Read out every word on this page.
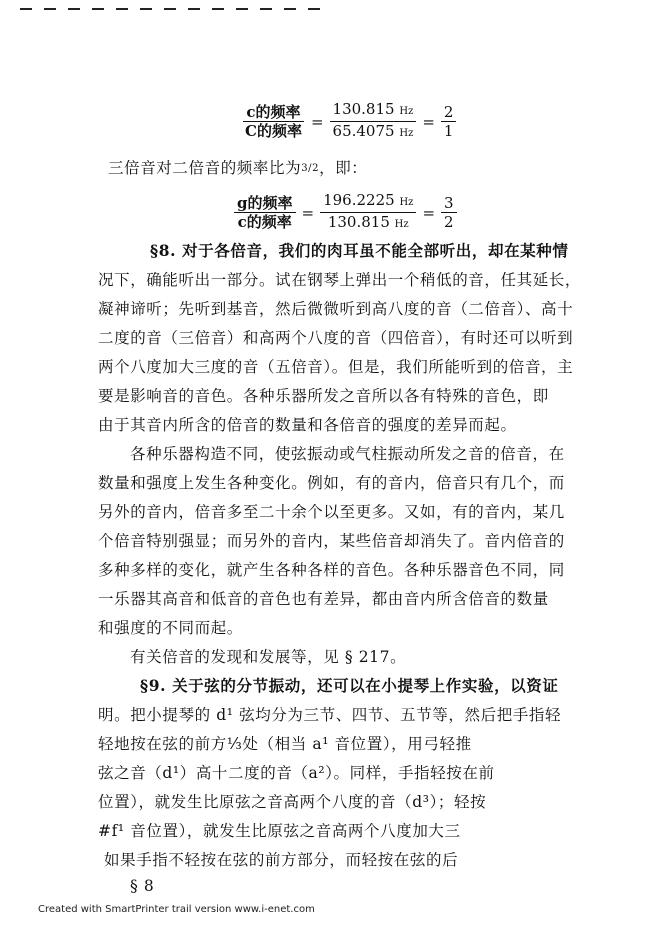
$\frac{\text{c的频率}}{\text{C的频率}} = \frac{130.815 Hz}{65.4075 Hz} = \frac{2}{1}$
三倍音对二倍音的频率比为3/2，即：
$\frac{\text{g的频率}}{\text{c的频率}} = \frac{196.2225 Hz}{130.815 Hz} = \frac{3}{2}$
§8. 对于各倍音，我们的肉耳虽不能全部听出，却在某种情
况下，确能听出一部分。试在钢琴上弹出一个稍低的音，任其延长，
凝神谛听；先听到基音，然后微微听到高八度的音（二倍音）、高十
二度的音（三倍音）和高两个八度的音（四倍音），有时还可以听到
两个八度加大三度的音（五倍音）。但是，我们所能听到的倍音，主
要是影响音的音色。各种乐器所发之音所以各有特殊的音色，即
由于其音内所含的倍音的数量和各倍音的强度的差异而起。
各种乐器构造不同，使弦振动或气柱振动所发之音的倍音，在
数量和强度上发生各种变化。例如，有的音内，倍音只有几个，而
另外的音内，倍音多至二十余个以至更多。又如，有的音内，某几
个倍音特别强显；而另外的音内，某些倍音却消失了。音内倍音的
多种多样的变化，就产生各种各样的音色。各种乐器音色不同，同
一乐器其高音和低音的音色也有差异，都由音内所含倍音的数量
和强度的不同而起。
有关倍音的发现和发展等，见 § 217。
§9. 关于弦的分节振动，还可以在小提琴上作实验，以资证
明。把小提琴的 d¹ 弦均分为三节、四节、五节等，然后把手指轻
轻地按在弦的前方⅓处（相当 a¹ 音位置），用弓轻推
弦之音（d¹）高十二度的音（a²）。同样，手指轻按在前
位置），就发生比原弦之音高两个八度的音（d³）；轻按
#f¹ 音位置），就发生比原弦之音高两个八度加大三
如果手指不轻按在弦的前方部分，而轻按在弦的后
§ 8
Created with SmartPrinter trail version www.i-enet.com
